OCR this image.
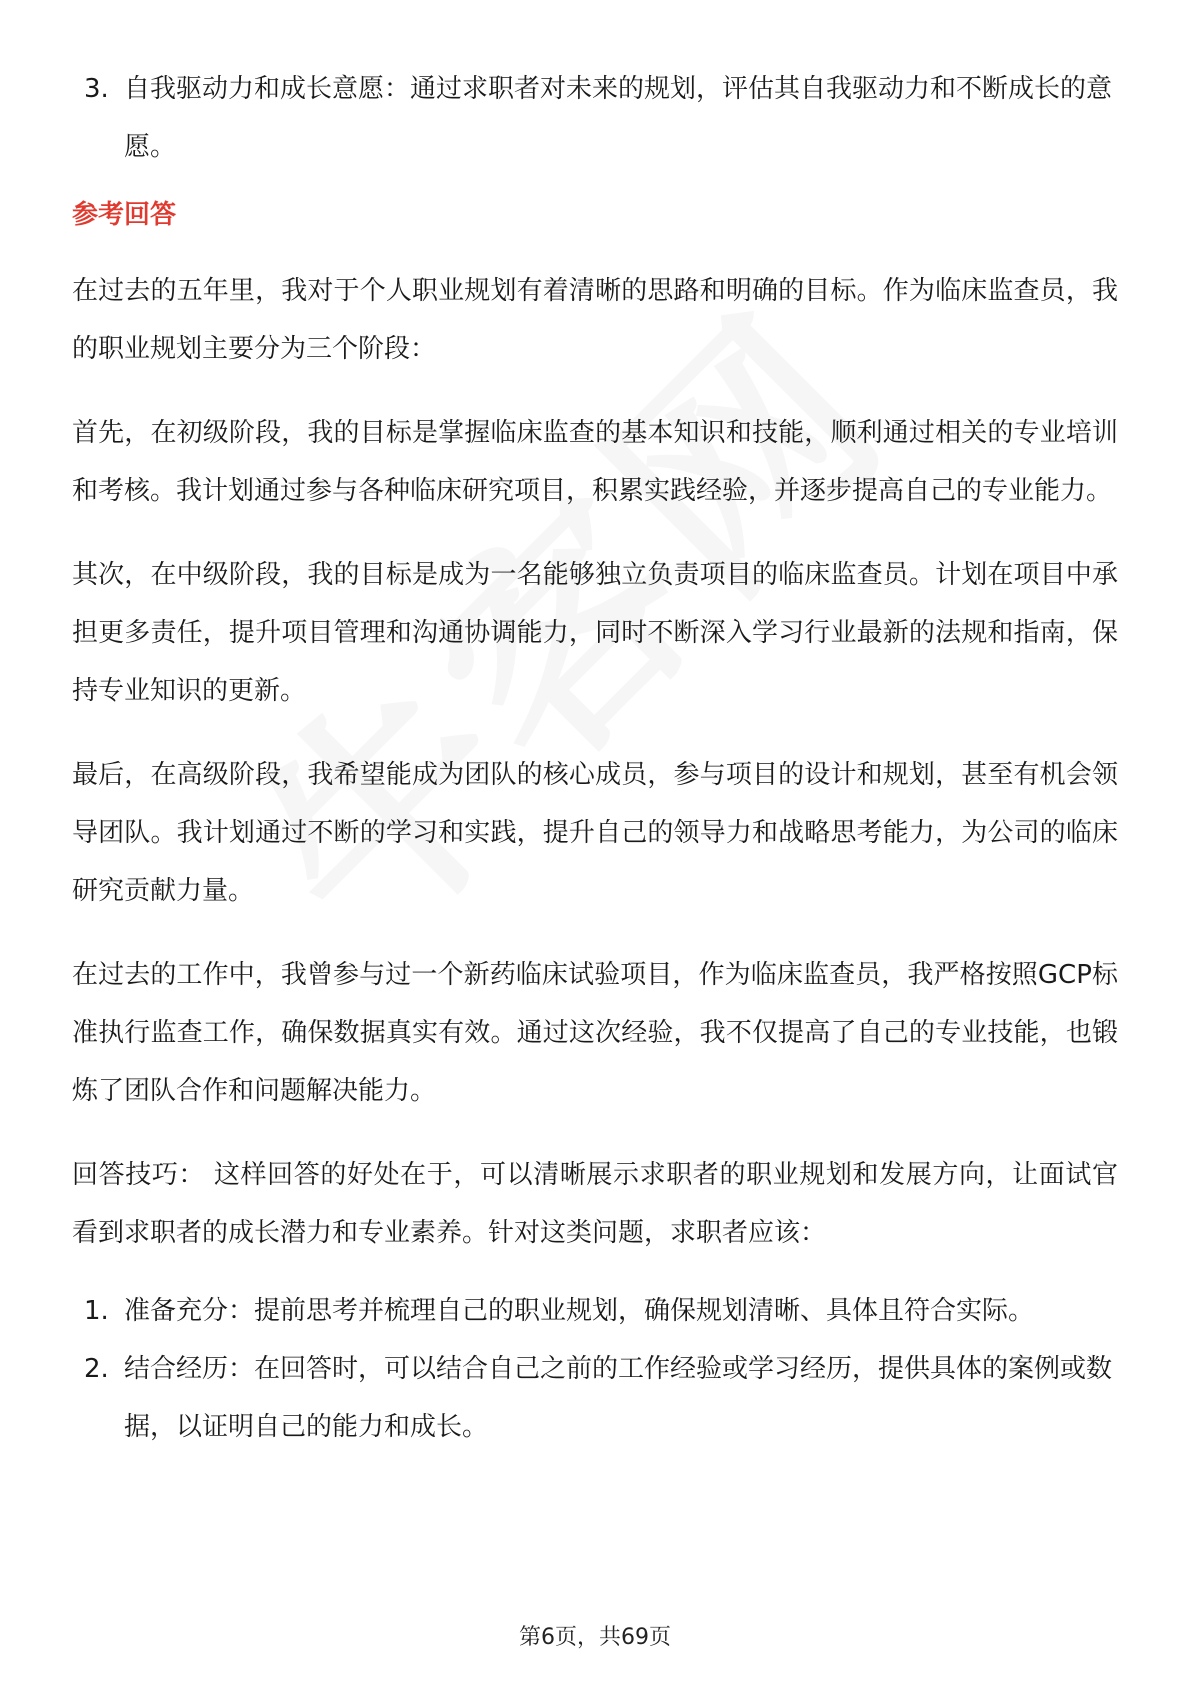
3. 自我驱动力和成长意愿：通过求职者对未来的规划，评估其自我驱动力和不断成长的意愿。
参考回答

在过去的五年里，我对于个人职业规划有着清晰的思路和明确的目标。作为临床监查员，我的职业规划主要分为三个阶段：

首先，在初级阶段，我的目标是掌握临床监查的基本知识和技能，顺利通过相关的专业培训和考核。我计划通过参与各种临床研究项目，积累实践经验，并逐步提高自己的专业能力。

其次，在中级阶段，我的目标是成为一名能够独立负责项目的临床监查员。计划在项目中承担更多责任，提升项目管理和沟通协调能力，同时不断深入学习行业最新的法规和指南，保持专业知识的更新。

最后，在高级阶段，我希望能成为团队的核心成员，参与项目的设计和规划，甚至有机会领导团队。我计划通过不断的学习和实践，提升自己的领导力和战略思考能力，为公司的临床研究贡献力量。

在过去的工作中，我曾参与过一个新药临床试验项目，作为临床监查员，我严格按照GCP标准执行监查工作，确保数据真实有效。通过这次经验，我不仅提高了自己的专业技能，也锻炼了团队合作和问题解决能力。

回答技巧： 这样回答的好处在于，可以清晰展示求职者的职业规划和发展方向，让面试官看到求职者的成长潜力和专业素养。针对这类问题，求职者应该：

1. 准备充分：提前思考并梳理自己的职业规划，确保规划清晰、具体且符合实际。
2. 结合经历：在回答时，可以结合自己之前的工作经验或学习经历，提供具体的案例或数据，以证明自己的能力和成长。
第6页，共69页
